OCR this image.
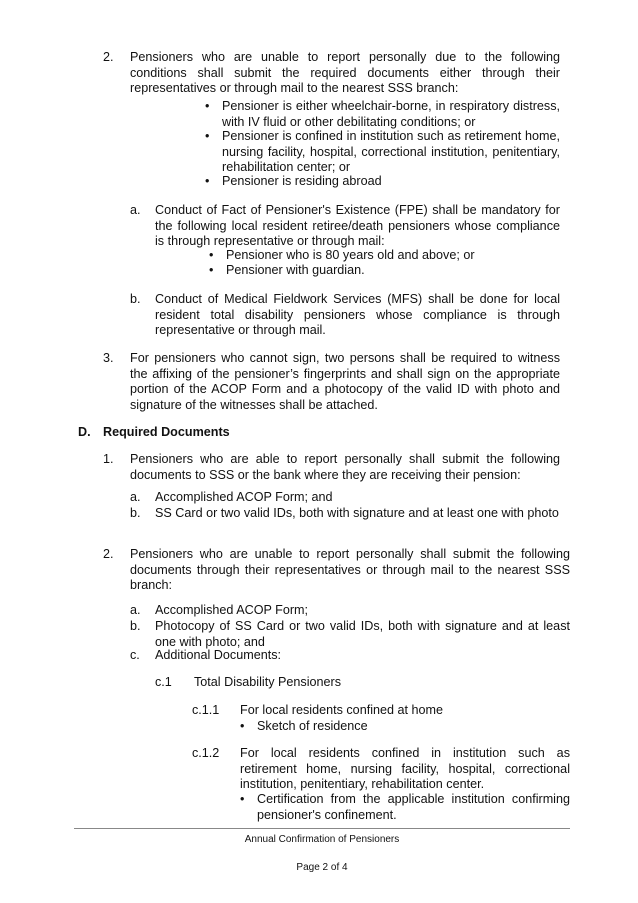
2. Pensioners who are unable to report personally due to the following conditions shall submit the required documents either through their representatives or through mail to the nearest SSS branch:
• Pensioner is either wheelchair-borne, in respiratory distress, with IV fluid or other debilitating conditions; or
• Pensioner is confined in institution such as retirement home, nursing facility, hospital, correctional institution, penitentiary, rehabilitation center; or
• Pensioner is residing abroad
a. Conduct of Fact of Pensioner's Existence (FPE) shall be mandatory for the following local resident retiree/death pensioners whose compliance is through representative or through mail:
• Pensioner who is 80 years old and above; or
• Pensioner with guardian.
b. Conduct of Medical Fieldwork Services (MFS) shall be done for local resident total disability pensioners whose compliance is through representative or through mail.
3. For pensioners who cannot sign, two persons shall be required to witness the affixing of the pensioner’s fingerprints and shall sign on the appropriate portion of the ACOP Form and a photocopy of the valid ID with photo and signature of the witnesses shall be attached.
D. Required Documents
1. Pensioners who are able to report personally shall submit the following documents to SSS or the bank where they are receiving their pension:
a. Accomplished ACOP Form; and
b. SS Card or two valid IDs, both with signature and at least one with photo
2. Pensioners who are unable to report personally shall submit the following documents through their representatives or through mail to the nearest SSS branch:
a. Accomplished ACOP Form;
b. Photocopy of SS Card or two valid IDs, both with signature and at least one with photo; and
c. Additional Documents:
c.1 Total Disability Pensioners
c.1.1 For local residents confined at home
• Sketch of residence
c.1.2 For local residents confined in institution such as retirement home, nursing facility, hospital, correctional institution, penitentiary, rehabilitation center.
• Certification from the applicable institution confirming pensioner's confinement.
Annual Confirmation of Pensioners
Page 2 of 4
